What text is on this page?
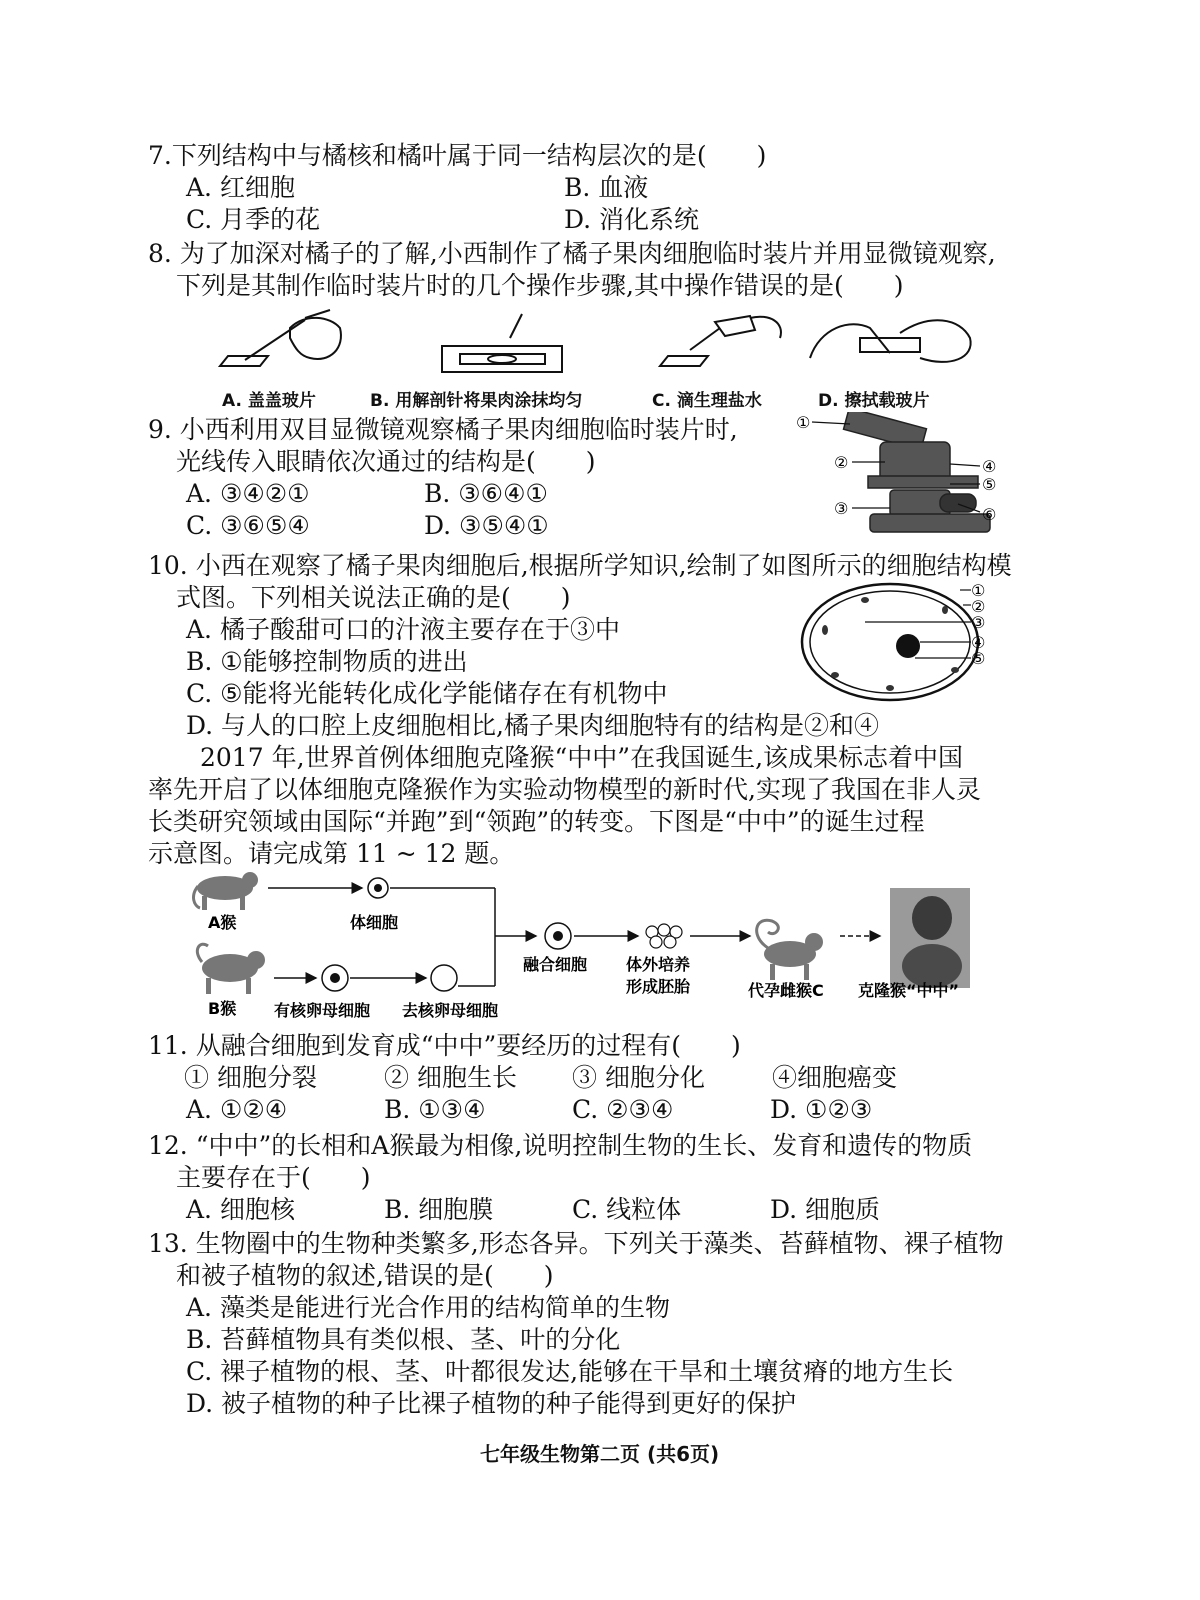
7.下列结构中与橘核和橘叶属于同一结构层次的是(　　)
A. 红细胞	B. 血液
C. 月季的花	D. 消化系统
8. 为了加深对橘子的了解,小西制作了橘子果肉细胞临时装片并用显微镜观察,
下列是其制作临时装片时的几个操作步骤,其中操作错误的是(　　)
A. 盖盖玻片	B. 用解剖针将果肉涂抹均匀	C. 滴生理盐水	D. 擦拭载玻片
9. 小西利用双目显微镜观察橘子果肉细胞临时装片时,
光线传入眼睛依次通过的结构是(　　)
A. ③④②①	B. ③⑥④①
C. ③⑥⑤④	D. ③⑤④①
①
②
③
④
⑤
⑥
10. 小西在观察了橘子果肉细胞后,根据所学知识,绘制了如图所示的细胞结构模
式图。下列相关说法正确的是(　　)
A. 橘子酸甜可口的汁液主要存在于③中
B. ①能够控制物质的进出
C. ⑤能将光能转化成化学能储存在有机物中
D. 与人的口腔上皮细胞相比,橘子果肉细胞特有的结构是②和④
①
②
③
④
⑤
2017 年,世界首例体细胞克隆猴“中中”在我国诞生,该成果标志着中国
率先开启了以体细胞克隆猴作为实验动物模型的新时代,实现了我国在非人灵
长类研究领域由国际“并跑”到“领跑”的转变。下图是“中中”的诞生过程
示意图。请完成第 11 ~ 12 题。
A猴	体细胞
B猴 有核卵母细胞 去核卵母细胞
融合细胞 体外培养
形成胚胎	代孕雌猴C 克隆猴“中中”
11. 从融合细胞到发育成“中中”要经历的过程有(　　)
① 细胞分裂	② 细胞生长 ③ 细胞分化	④细胞癌变
A. ①②④	B. ①③④	C. ②③④	D. ①②③
12. “中中”的长相和A猴最为相像,说明控制生物的生长、发育和遗传的物质
主要存在于(　　)
A. 细胞核	B. 细胞膜	C. 线粒体	D. 细胞质
13. 生物圈中的生物种类繁多,形态各异。下列关于藻类、苔藓植物、裸子植物
和被子植物的叙述,错误的是(　　)
A. 藻类是能进行光合作用的结构简单的生物
B. 苔藓植物具有类似根、茎、叶的分化
C. 裸子植物的根、茎、叶都很发达,能够在干旱和土壤贫瘠的地方生长
D. 被子植物的种子比裸子植物的种子能得到更好的保护
七年级生物第二页 (共6页)
